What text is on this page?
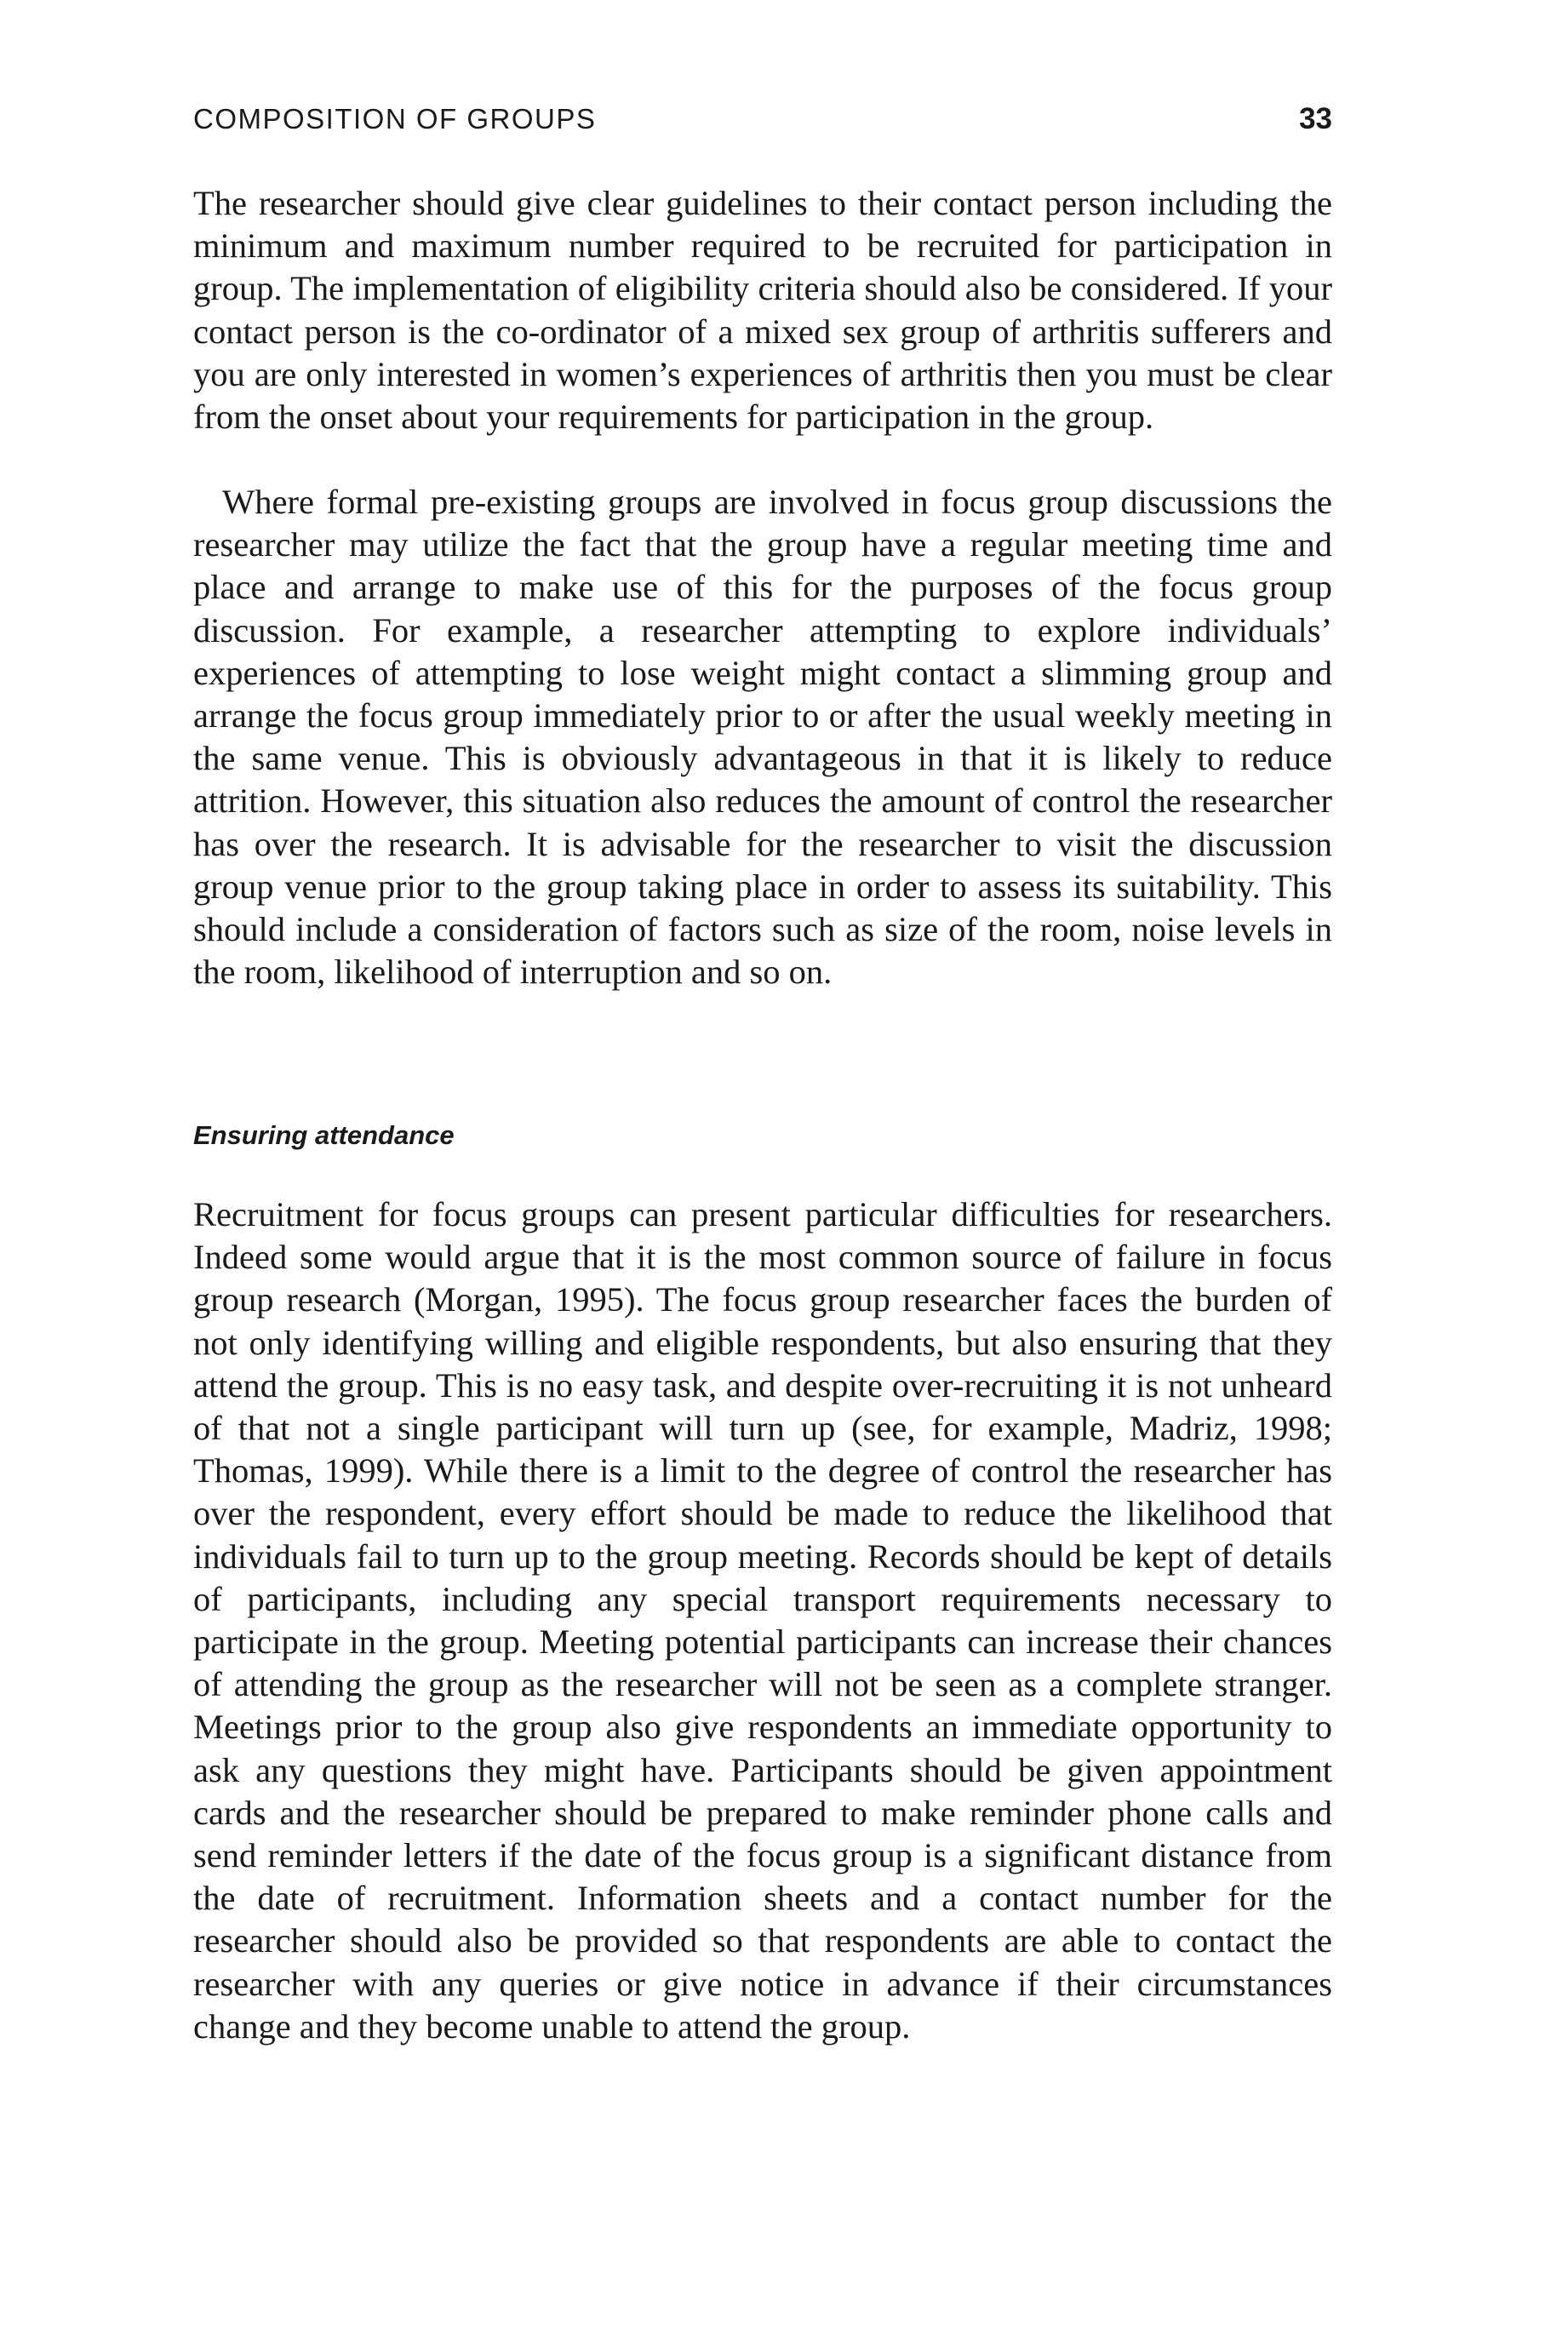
COMPOSITION OF GROUPS	33

The researcher should give clear guidelines to their contact person including the minimum and maximum number required to be recruited for participation in group. The implementation of eligibility criteria should also be considered. If your contact person is the co-ordinator of a mixed sex group of arthritis sufferers and you are only interested in women’s experiences of arthritis then you must be clear from the onset about your requirements for participation in the group.

Where formal pre-existing groups are involved in focus group discussions the researcher may utilize the fact that the group have a regular meeting time and place and arrange to make use of this for the purposes of the focus group discussion. For example, a researcher attempting to explore individuals’ experiences of attempting to lose weight might contact a slimming group and arrange the focus group immediately prior to or after the usual weekly meeting in the same venue. This is obviously advantageous in that it is likely to reduce attrition. However, this situation also reduces the amount of control the researcher has over the research. It is advisable for the researcher to visit the discussion group venue prior to the group taking place in order to assess its suitability. This should include a consideration of factors such as size of the room, noise levels in the room, likelihood of interruption and so on.

Ensuring attendance

Recruitment for focus groups can present particular difficulties for researchers. Indeed some would argue that it is the most common source of failure in focus group research (Morgan, 1995). The focus group researcher faces the burden of not only identifying willing and eligible respondents, but also ensuring that they attend the group. This is no easy task, and despite over-recruiting it is not unheard of that not a single participant will turn up (see, for example, Madriz, 1998; Thomas, 1999). While there is a limit to the degree of control the researcher has over the respondent, every effort should be made to reduce the likelihood that individuals fail to turn up to the group meeting. Records should be kept of details of participants, including any special transport requirements necessary to participate in the group. Meeting potential participants can increase their chances of attending the group as the researcher will not be seen as a complete stranger. Meetings prior to the group also give respondents an immediate opportunity to ask any questions they might have. Participants should be given appointment cards and the researcher should be prepared to make reminder phone calls and send reminder letters if the date of the focus group is a significant distance from the date of recruitment. Information sheets and a contact number for the researcher should also be provided so that respondents are able to contact the researcher with any queries or give notice in advance if their circumstances change and they become unable to attend the group.
